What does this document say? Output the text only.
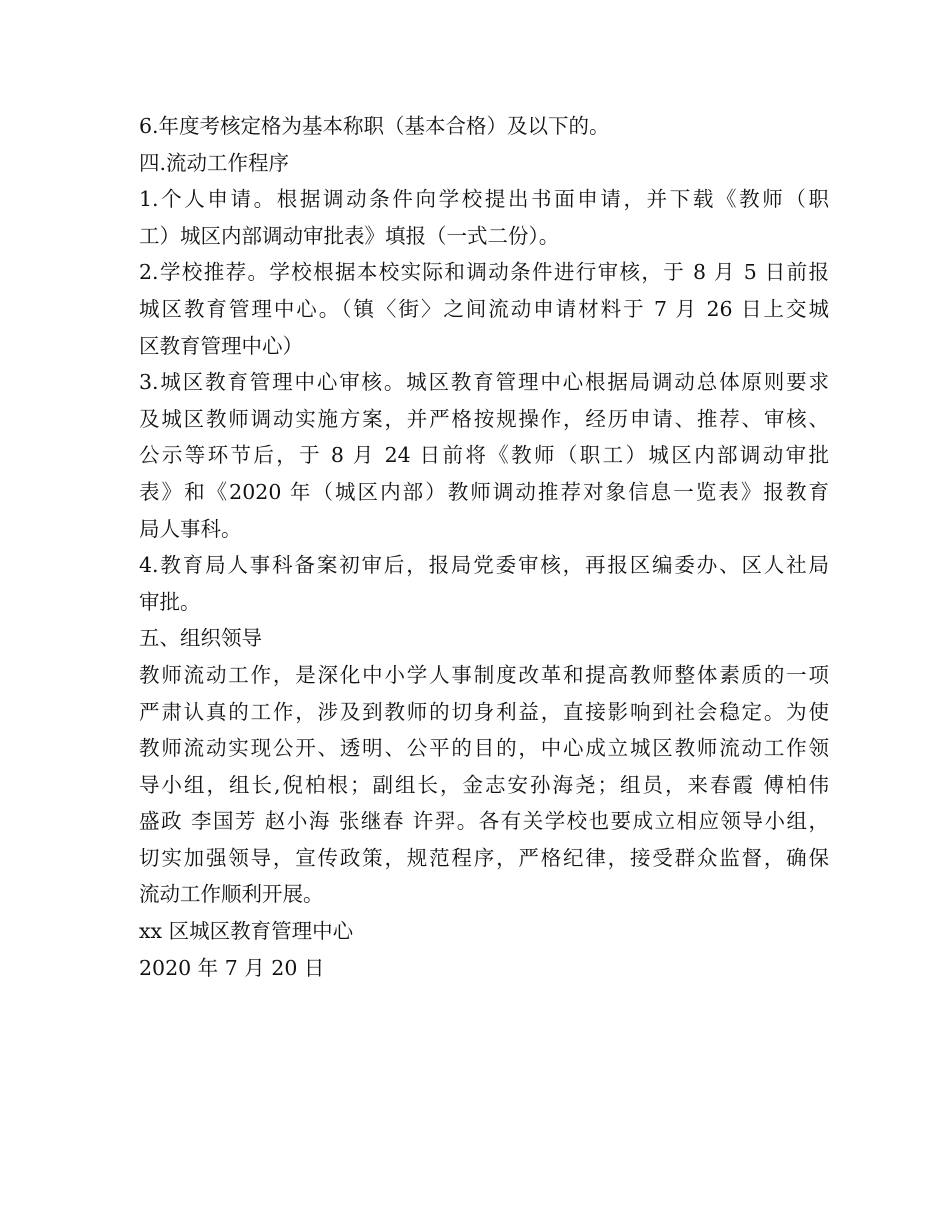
6.年度考核定格为基本称职（基本合格）及以下的。
四.流动工作程序
1.个人申请。根据调动条件向学校提出书面申请，并下载《教师（职
工）城区内部调动审批表》填报（一式二份）。
2.学校推荐。学校根据本校实际和调动条件进行审核，于 8 月 5 日前报
城区教育管理中心。（镇〈街〉之间流动申请材料于 7 月 26 日上交城
区教育管理中心）
3.城区教育管理中心审核。城区教育管理中心根据局调动总体原则要求
及城区教师调动实施方案，并严格按规操作，经历申请、推荐、审核、
公示等环节后，于 8 月 24 日前将《教师（职工）城区内部调动审批
表》和《2020 年（城区内部）教师调动推荐对象信息一览表》报教育
局人事科。
4.教育局人事科备案初审后，报局党委审核，再报区编委办、区人社局
审批。
五、组织领导
教师流动工作，是深化中小学人事制度改革和提高教师整体素质的一项
严肃认真的工作，涉及到教师的切身利益，直接影响到社会稳定。为使
教师流动实现公开、透明、公平的目的，中心成立城区教师流动工作领
导小组，组长,倪柏根；副组长，金志安孙海尧；组员，来春霞 傅柏伟
盛政 李国芳 赵小海 张继春 许羿。各有关学校也要成立相应领导小组，
切实加强领导，宣传政策，规范程序，严格纪律，接受群众监督，确保
流动工作顺利开展。
xx 区城区教育管理中心
2020 年 7 月 20 日
